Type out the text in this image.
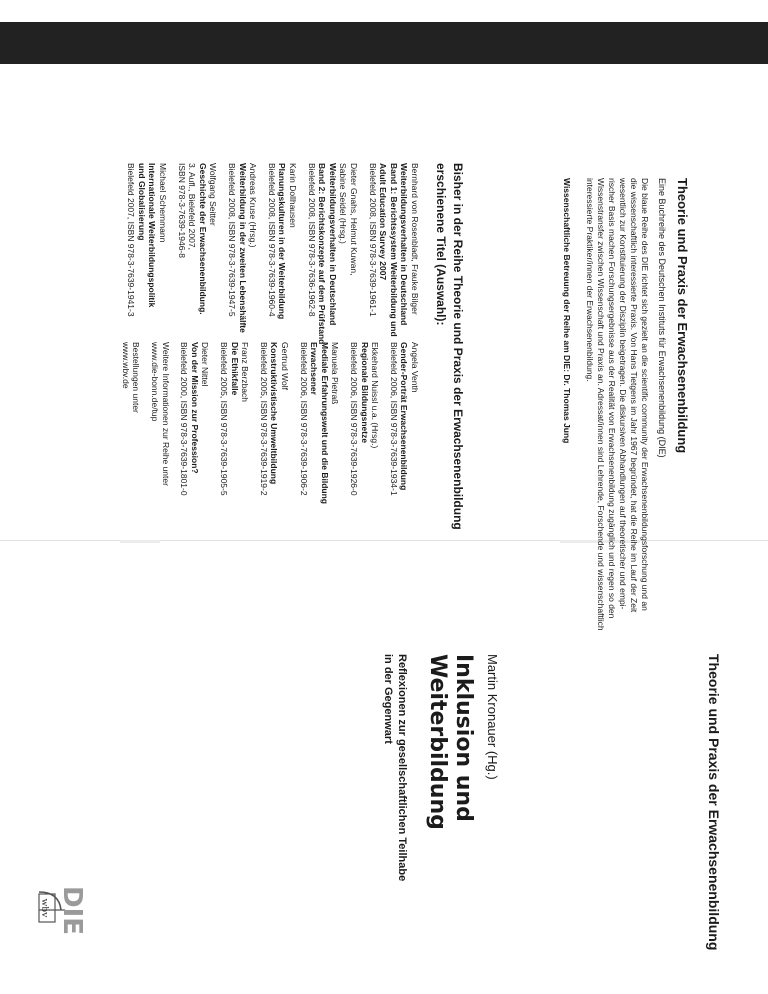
Theorie und Praxis der Erwachsenenbildung
Eine Buchreihe des Deutschen Instituts für Erwachsenenbildung (DIE)
Die blaue Reihe des DIE richtet sich gezielt an die scientific community der Erwachsenenbildungsforschung und an
die wissenschaftlich interessierte Praxis. Von Hans Tietgens im Jahr 1967 begründet, hat die Reihe im Lauf der Zeit
wesentlich zur Konstituierung der Disziplin beigetragen. Die diskursiven Abhandlungen auf theoretischer und empi-
rischer Basis machen Forschungsergebnisse aus der Realität von Erwachsenenbildung zugänglich und regen so den
Wissenstransfer zwischen Wissenschaft und Praxis an. Adressat/innen sind Lehrende, Forschende und wissenschaftlich
interessierte Praktiker/innen der Erwachsenenbildung.
Wissenschaftliche Betreuung der Reihe am DIE: Dr. Thomas Jung
Bisher in der Reihe Theorie und Praxis der Erwachsenenbildung
erschienene Titel (Auswahl):
Bernhard von Rosenbladt, Frauke Bilger
Weiterbildungsverhalten in Deutschland
Band 1: Berichtssystem Weiterbildung und
Adult Education Survey 2007
Bielefeld 2008, ISBN 978-3-7639-1961-1
Dieter Gnahs, Helmut Kuwan,
Sabine Seidel (Hrsg.)
Weiterbildungsverhalten in Deutschland
Band 2: Berichtskonzepte auf dem Prüfstand
Bielefeld 2008, ISBN 978-3-7636-1962-8
Karin Dollhausen
Planungskulturen in der Weiterbildung
Bielefeld 2008, ISBN 978-3-7639-1960-4
Andreas Kruse (Hrsg.)
Weiterbildung in der zweiten Lebenshälfte
Bielefeld 2008, ISBN 978-3-7639-1947-5
Wolfgang Seitter
Geschichte der Erwachsenenbildung.
3. Aufl., Bielefeld 2007,
ISBN 978-3-7639-1946-8
Michael Schemmann
Internationale Weiterbildungspolitik
und Globalisierung
Bielefeld 2007, ISBN 978-3-7639-1941-3
Angela Venth
Gender-Porträt Erwachsenenbildung
Bielefeld 2006, ISBN 978-3-7639-1934-1
Ekkehard Nuissl u.a. (Hrsg.)
Regionale Bildungsnetze
Bielefeld 2006, ISBN 978-3-7639-1926-0
Manuela Pietraß
Mediale Erfahrungswelt und die Bildung
Erwachsener
Bielefeld 2006, ISBN 978-3-7639-1906-2
Gertrud Wolf
Konstruktivistische Umweltbildung
Bielefeld 2005, ISBN 978-3-7639-1919-2
Franz Berzbach
Die Ethikfalle
Bielefeld 2005, ISBN 978-3-7639-1905-5
Dieter Nittel
Von der Mission zur Profession?
Bielefeld 2000, ISBN 978-3-7639-1801-0
Weitere Informationen zur Reihe unter
www.die-bonn.de/tup
Bestellungen unter
www.wbv.de
Theorie und Praxis der Erwachsenenbildung
Martin Kronauer (Hg.)
Inklusion und
Weiterbildung
Reflexionen zur gesellschaftlichen Teilhabe
in der Gegenwart
wbv DIE
